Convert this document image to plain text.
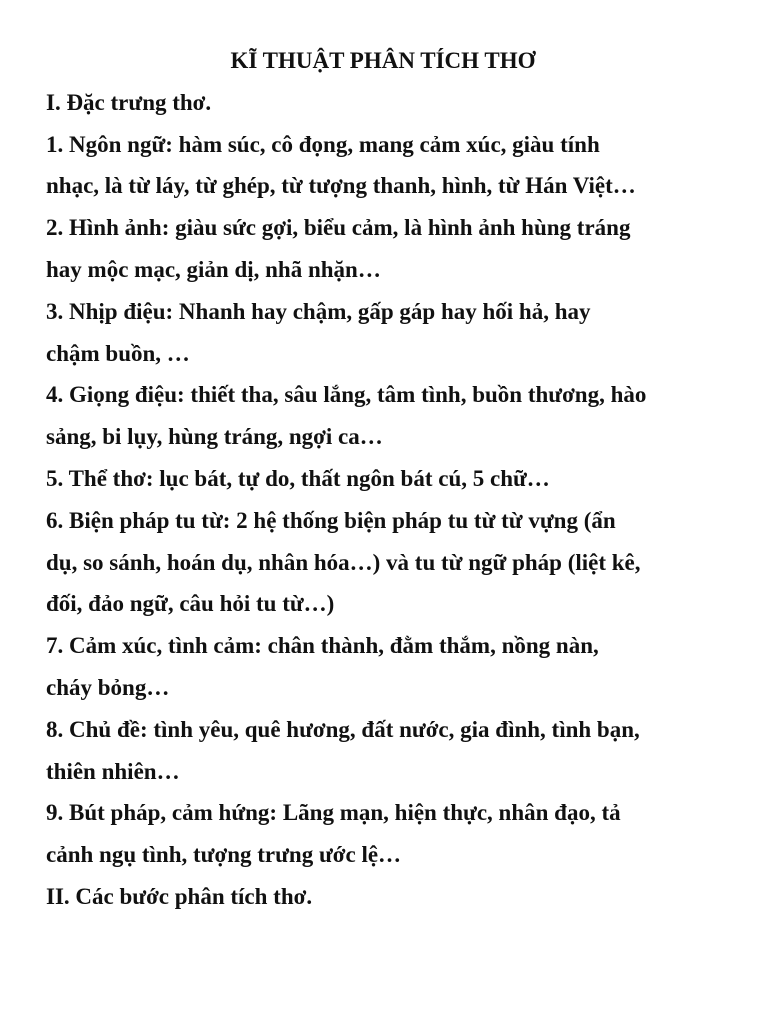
KĨ THUẬT PHÂN TÍCH THƠ

I. Đặc trưng thơ.

1. Ngôn ngữ: hàm súc, cô đọng, mang cảm xúc, giàu tính

nhạc, là từ láy, từ ghép, từ tượng thanh, hình, từ Hán Việt…

2. Hình ảnh: giàu sức gợi, biểu cảm, là hình ảnh hùng tráng

hay mộc mạc, giản dị, nhã nhặn…

3. Nhịp điệu: Nhanh hay chậm, gấp gáp hay hối hả, hay

chậm buồn, …

4. Giọng điệu: thiết tha, sâu lắng, tâm tình, buồn thương, hào

sảng, bi lụy, hùng tráng, ngợi ca…

5. Thể thơ: lục bát, tự do, thất ngôn bát cú, 5 chữ…

6. Biện pháp tu từ: 2 hệ thống biện pháp tu từ từ vựng (ẩn

dụ, so sánh, hoán dụ, nhân hóa…) và tu từ ngữ pháp (liệt kê,

đối, đảo ngữ, câu hỏi tu từ…)

7. Cảm xúc, tình cảm: chân thành, đằm thắm, nồng nàn,

cháy bỏng…

8. Chủ đề: tình yêu, quê hương, đất nước, gia đình, tình bạn,

thiên nhiên…

9. Bút pháp, cảm hứng: Lãng mạn, hiện thực, nhân đạo, tả

cảnh ngụ tình, tượng trưng ước lệ…

II. Các bước phân tích thơ.
